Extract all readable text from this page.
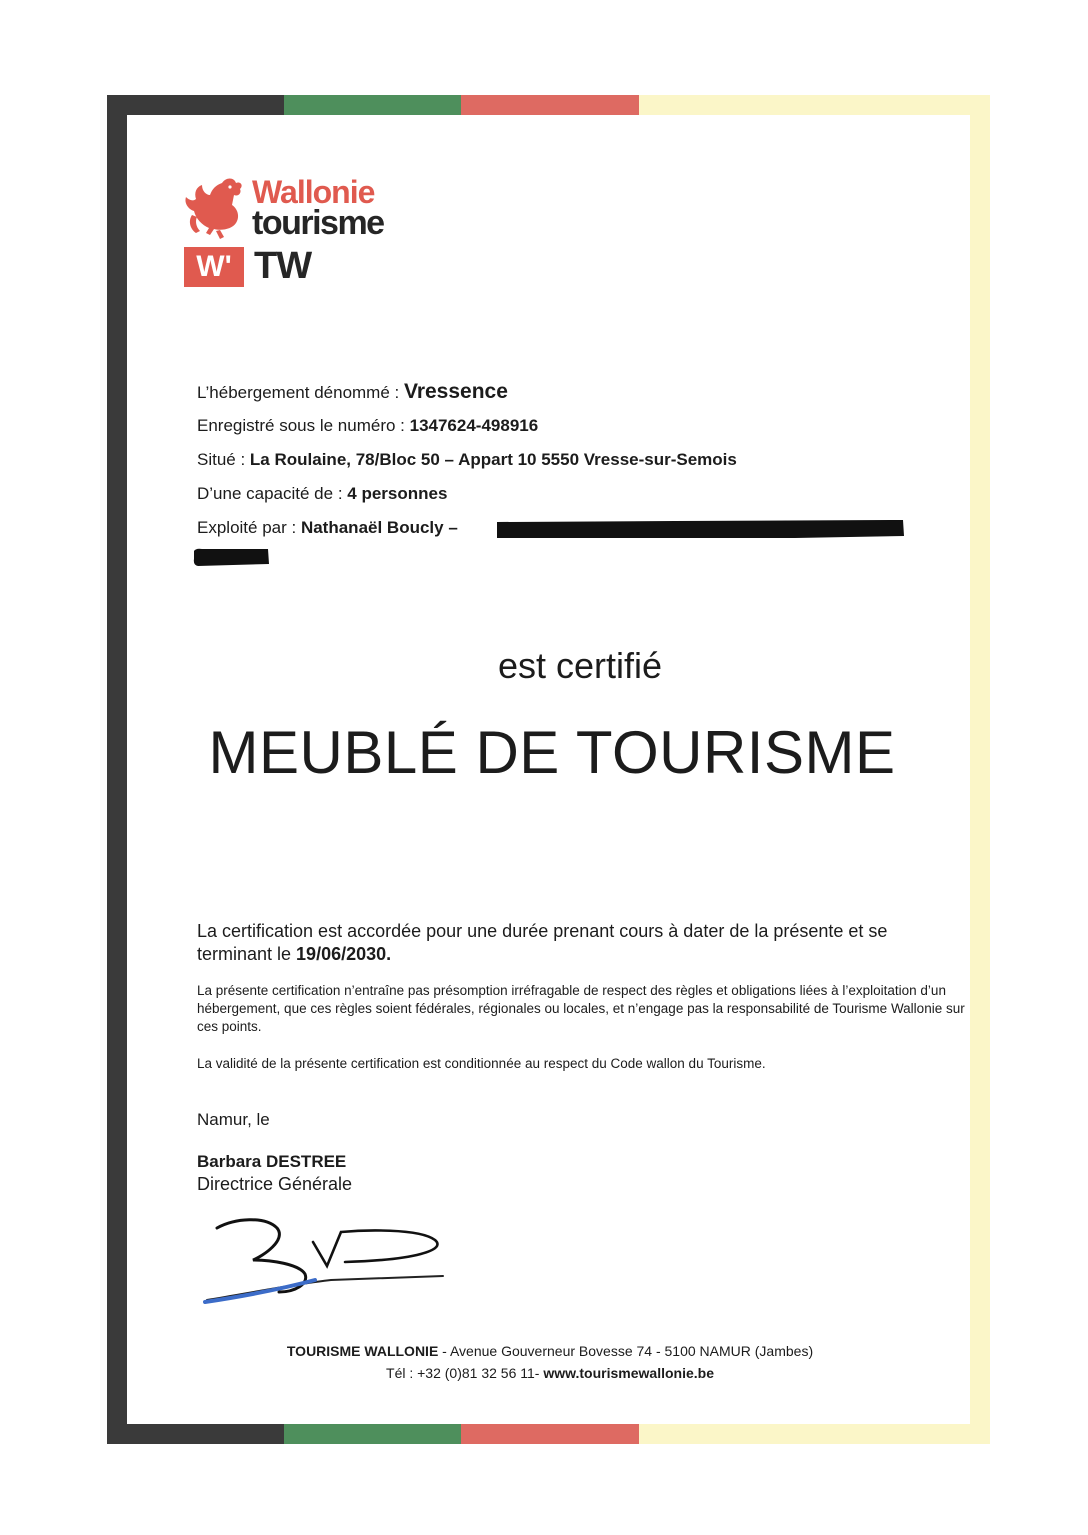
Wallonie
tourisme
W' TW
L’hébergement dénommé : Vressence
Enregistré sous le numéro : 1347624-498916
Situé : La Roulaine, 78/Bloc 50 – Appart 10 5550 Vresse-sur-Semois
D’une capacité de : 4 personnes
Exploité par : Nathanaël Boucly –
est certifié
MEUBLÉ DE TOURISME
La certification est accordée pour une durée prenant cours à dater de la présente et se terminant le 19/06/2030.
La présente certification n’entraîne pas présomption irréfragable de respect des règles et obligations liées à l’exploitation d’un hébergement, que ces règles soient fédérales, régionales ou locales, et n’engage pas la responsabilité de Tourisme Wallonie sur ces points.
La validité de la présente certification est conditionnée au respect du Code wallon du Tourisme.
Namur, le
Barbara DESTREE
Directrice Générale
TOURISME WALLONIE - Avenue Gouverneur Bovesse 74 - 5100 NAMUR (Jambes)
Tél : +32 (0)81 32 56 11- www.tourismewallonie.be
